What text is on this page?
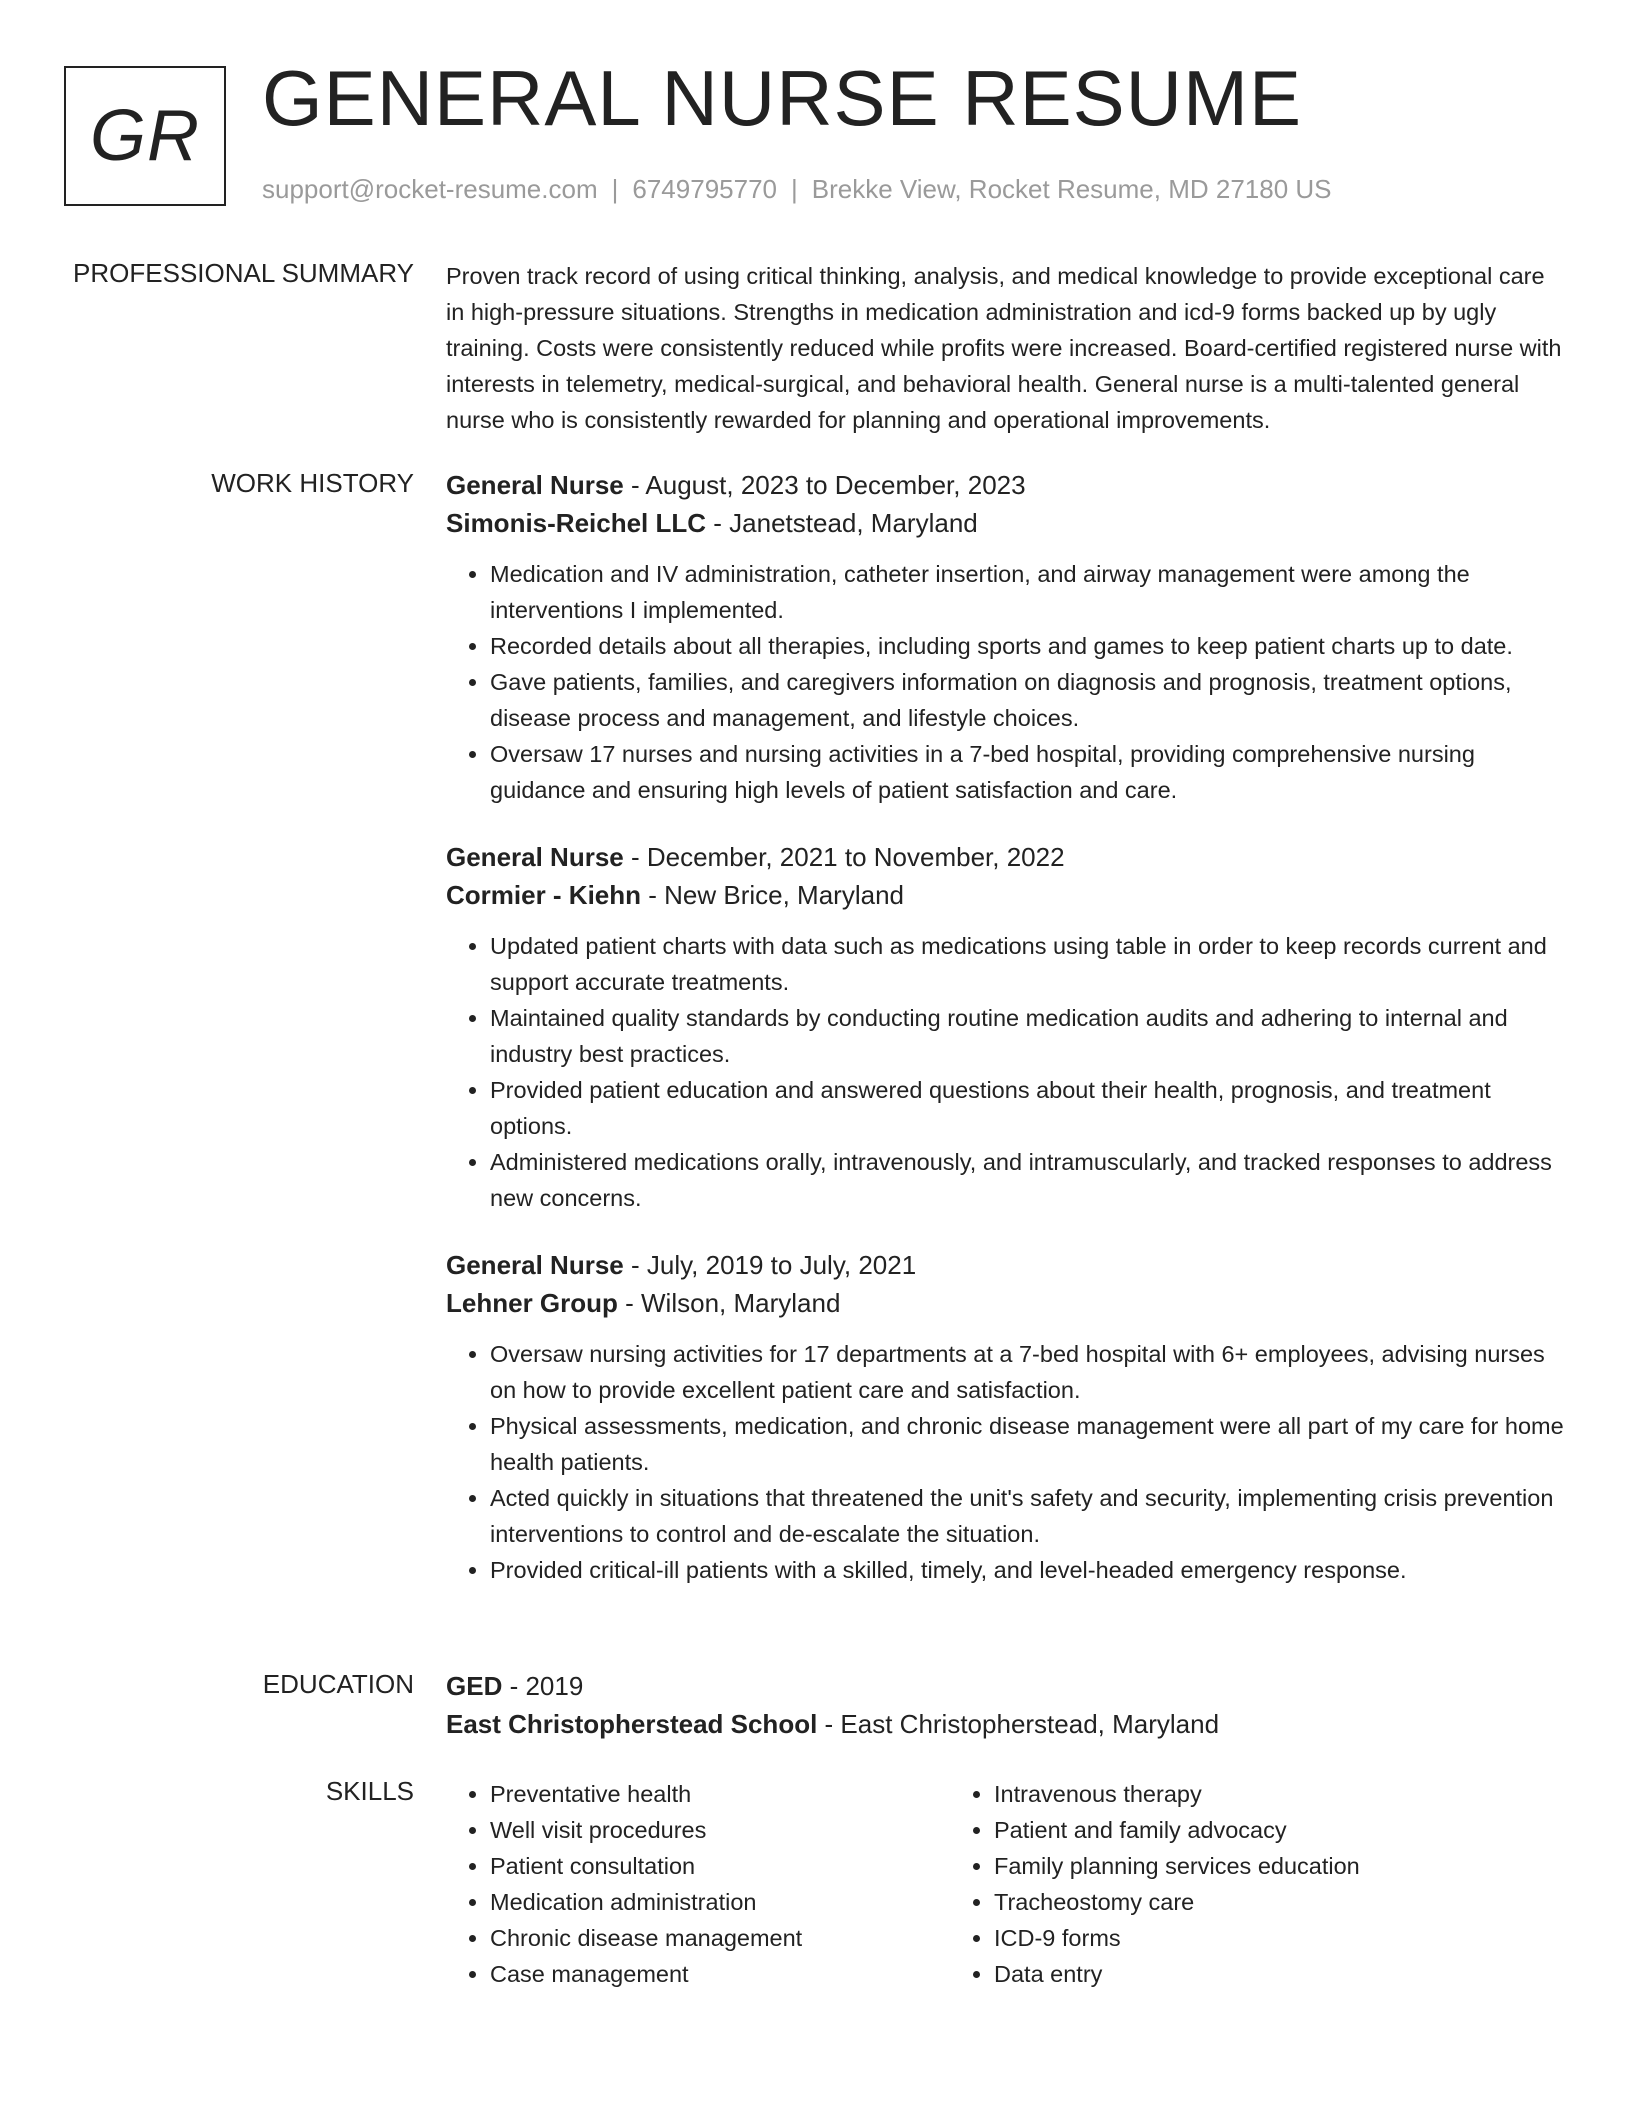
GR GENERAL NURSE RESUME
support@rocket-resume.com | 6749795770 | Brekke View, Rocket Resume, MD 27180 US
PROFESSIONAL SUMMARY Proven track record of using critical thinking, analysis, and medical knowledge to provide exceptional care in high-pressure situations. Strengths in medication administration and icd-9 forms backed up by ugly training. Costs were consistently reduced while profits were increased. Board-certified registered nurse with interests in telemetry, medical-surgical, and behavioral health. General nurse is a multi-talented general nurse who is consistently rewarded for planning and operational improvements.

WORK HISTORY General Nurse - August, 2023 to December, 2023
Simonis-Reichel LLC - Janetstead, Maryland
• Medication and IV administration, catheter insertion, and airway management were among the interventions I implemented.
• Recorded details about all therapies, including sports and games to keep patient charts up to date.
• Gave patients, families, and caregivers information on diagnosis and prognosis, treatment options, disease process and management, and lifestyle choices.
• Oversaw 17 nurses and nursing activities in a 7-bed hospital, providing comprehensive nursing guidance and ensuring high levels of patient satisfaction and care.
General Nurse - December, 2021 to November, 2022
Cormier - Kiehn - New Brice, Maryland
• Updated patient charts with data such as medications using table in order to keep records current and support accurate treatments.
• Maintained quality standards by conducting routine medication audits and adhering to internal and industry best practices.
• Provided patient education and answered questions about their health, prognosis, and treatment options.
• Administered medications orally, intravenously, and intramuscularly, and tracked responses to address new concerns.
General Nurse - July, 2019 to July, 2021
Lehner Group - Wilson, Maryland
• Oversaw nursing activities for 17 departments at a 7-bed hospital with 6+ employees, advising nurses on how to provide excellent patient care and satisfaction.
• Physical assessments, medication, and chronic disease management were all part of my care for home health patients.
• Acted quickly in situations that threatened the unit's safety and security, implementing crisis prevention interventions to control and de-escalate the situation.
• Provided critical-ill patients with a skilled, timely, and level-headed emergency response.
EDUCATION GED - 2019
East Christopherstead School - East Christopherstead, Maryland
SKILLS
•	Preventative health
• Well visit procedures
• Patient consultation
• Medication administration
• Chronic disease management
• Case management
• Intravenous therapy
• Patient and family advocacy
• Family planning services education
• Tracheostomy care
• ICD-9 forms
• Data entry
